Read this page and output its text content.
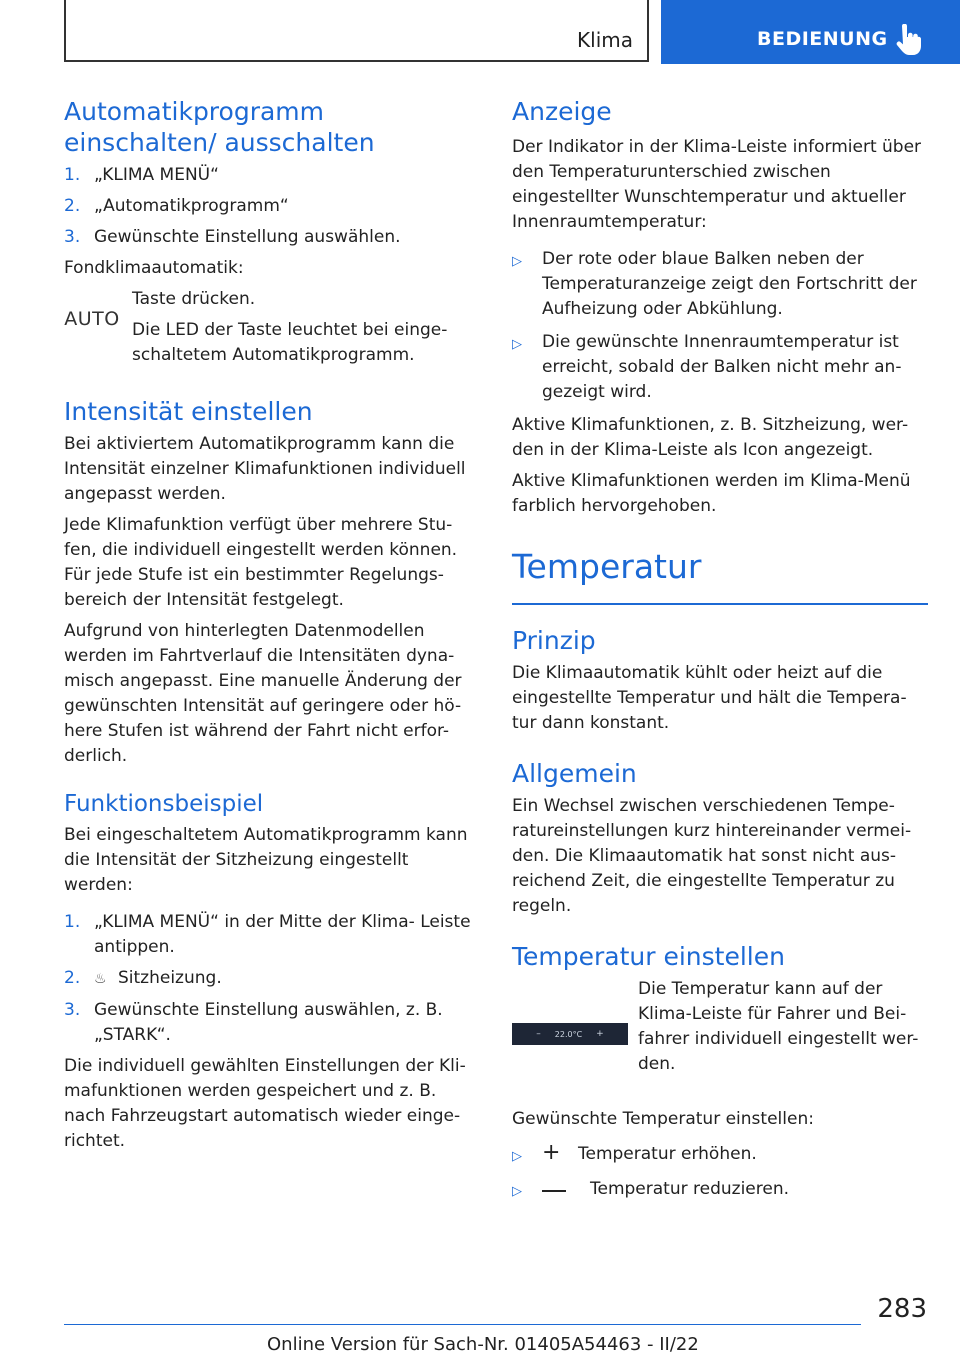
Klima	BEDIENUNG
Automatikprogramm einschalten/ ausschalten
1. „KLIMA MENÜ“
2. „Automatikprogramm“
3. Gewünschte Einstellung auswählen.

Fondklimaautomatik:

AUTO

Taste drücken.

Die LED der Taste leuchtet bei einge- schaltetem Automatikprogramm.

Intensität einstellen

Bei aktiviertem Automatikprogramm kann die Intensität einzelner Klimafunktionen individuell angepasst werden.

Jede Klimafunktion verfügt über mehrere Stu- fen, die individuell eingestellt werden können. Für jede Stufe ist ein bestimmter Regelungs- bereich der Intensität festgelegt.

Aufgrund von hinterlegten Datenmodellen werden im Fahrtverlauf die Intensitäten dyna- misch angepasst. Eine manuelle Änderung der gewünschten Intensität auf geringere oder hö- here Stufen ist während der Fahrt nicht erfor- derlich.

Funktionsbeispiel

Bei eingeschaltetem Automatikprogramm kann die Intensität der Sitzheizung eingestellt werden:

1. „KLIMA MENÜ“ in der Mitte der Klima- Leiste antippen.
2. ♨ Sitzheizung.
3. Gewünschte Einstellung auswählen, z. B. „STARK“.

Die individuell gewählten Einstellungen der Kli- mafunktionen werden gespeichert und z. B. nach Fahrzeugstart automatisch wieder einge- richtet.

Anzeige

Der Indikator in der Klima-Leiste informiert über den Temperaturunterschied zwischen eingestellter Wunschtemperatur und aktueller Innenraumtemperatur:

▷	Der rote oder blaue Balken neben der Temperaturanzeige zeigt den Fortschritt der Aufheizung oder Abkühlung.
▷	Die gewünschte Innenraumtemperatur ist erreicht, sobald der Balken nicht mehr an- gezeigt wird.

Aktive Klimafunktionen, z. B. Sitzheizung, wer- den in der Klima-Leiste als Icon angezeigt.

Aktive Klimafunktionen werden im Klima-Menü farblich hervorgehoben.

Temperatur
Prinzip

Die Klimaautomatik kühlt oder heizt auf die eingestellte Temperatur und hält die Tempera- tur dann konstant.

Allgemein

Ein Wechsel zwischen verschiedenen Tempe- ratureinstellungen kurz hintereinander vermei- den. Die Klimaautomatik hat sonst nicht aus- reichend Zeit, die eingestellte Temperatur zu regeln.

Temperatur einstellen
– 22.0°C +

Die Temperatur kann auf der Klima-Leiste für Fahrer und Bei- fahrer individuell eingestellt wer- den.

Gewünschte Temperatur einstellen:

▷ +	Temperatur erhöhen.
▷	Temperatur reduzieren.
283
Online Version für Sach-Nr. 01405A54463 - II/22
